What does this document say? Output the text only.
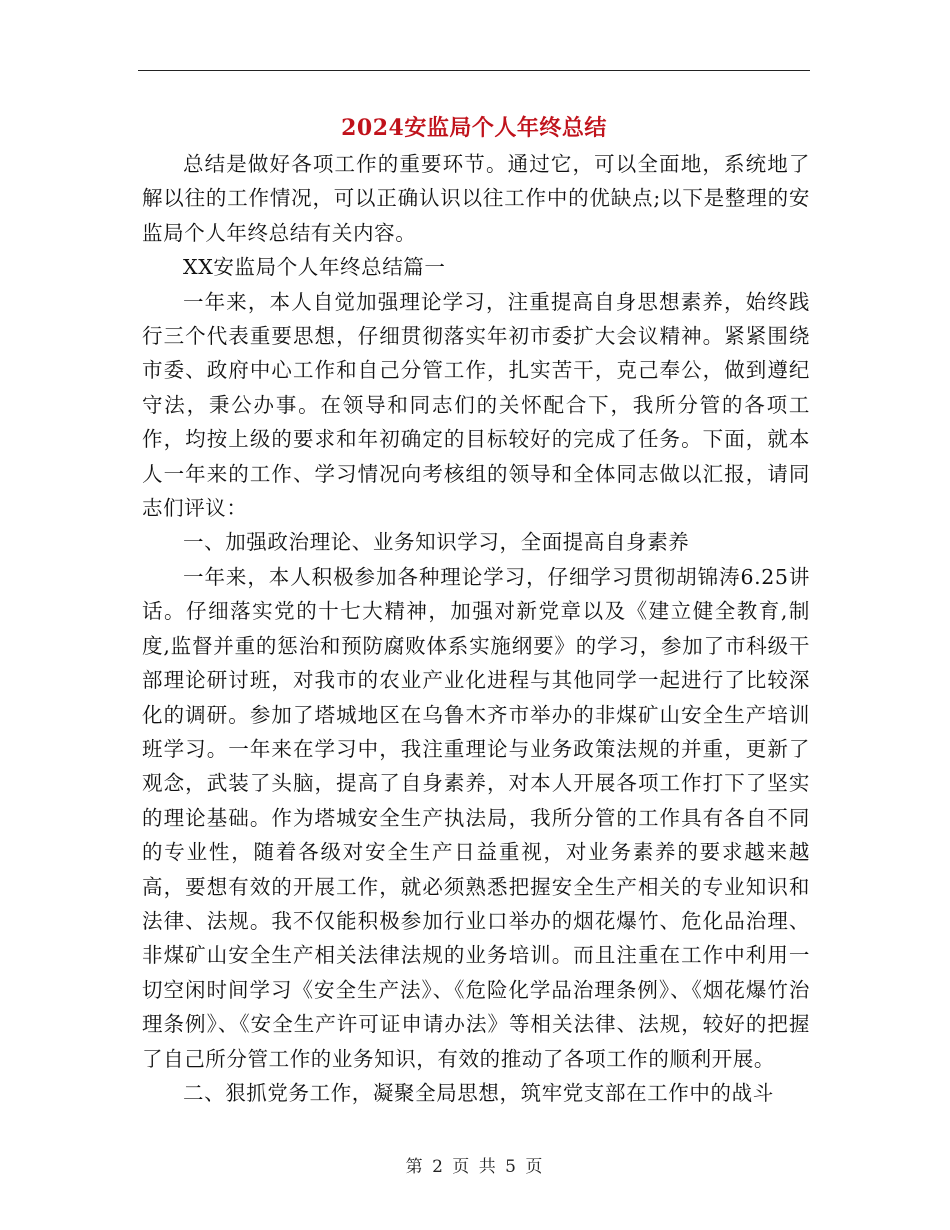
2024安监局个人年终总结

总结是做好各项工作的重要环节。通过它，可以全面地，系统地了解以往的工作情况，可以正确认识以往工作中的优缺点;以下是整理的安监局个人年终总结有关内容。

XX安监局个人年终总结篇一

一年来，本人自觉加强理论学习，注重提高自身思想素养，始终践行三个代表重要思想，仔细贯彻落实年初市委扩大会议精神。紧紧围绕市委、政府中心工作和自己分管工作，扎实苦干，克己奉公，做到遵纪守法，秉公办事。在领导和同志们的关怀配合下，我所分管的各项工作，均按上级的要求和年初确定的目标较好的完成了任务。下面，就本人一年来的工作、学习情况向考核组的领导和全体同志做以汇报，请同志们评议：

一、加强政治理论、业务知识学习，全面提高自身素养

一年来，本人积极参加各种理论学习，仔细学习贯彻胡锦涛6.25讲话。仔细落实党的十七大精神，加强对新党章以及《建立健全教育,制度,监督并重的惩治和预防腐败体系实施纲要》的学习，参加了市科级干部理论研讨班，对我市的农业产业化进程与其他同学一起进行了比较深化的调研。参加了塔城地区在乌鲁木齐市举办的非煤矿山安全生产培训班学习。一年来在学习中，我注重理论与业务政策法规的并重，更新了观念，武装了头脑，提高了自身素养，对本人开展各项工作打下了坚实的理论基础。作为塔城安全生产执法局，我所分管的工作具有各自不同的专业性，随着各级对安全生产日益重视，对业务素养的要求越来越高，要想有效的开展工作，就必须熟悉把握安全生产相关的专业知识和法律、法规。我不仅能积极参加行业口举办的烟花爆竹、危化品治理、非煤矿山安全生产相关法律法规的业务培训。而且注重在工作中利用一切空闲时间学习《安全生产法》、《危险化学品治理条例》、《烟花爆竹治理条例》、《安全生产许可证申请办法》等相关法律、法规，较好的把握了自己所分管工作的业务知识，有效的推动了各项工作的顺利开展。

二、狠抓党务工作，凝聚全局思想，筑牢党支部在工作中的战斗

第 2 页 共 5 页
